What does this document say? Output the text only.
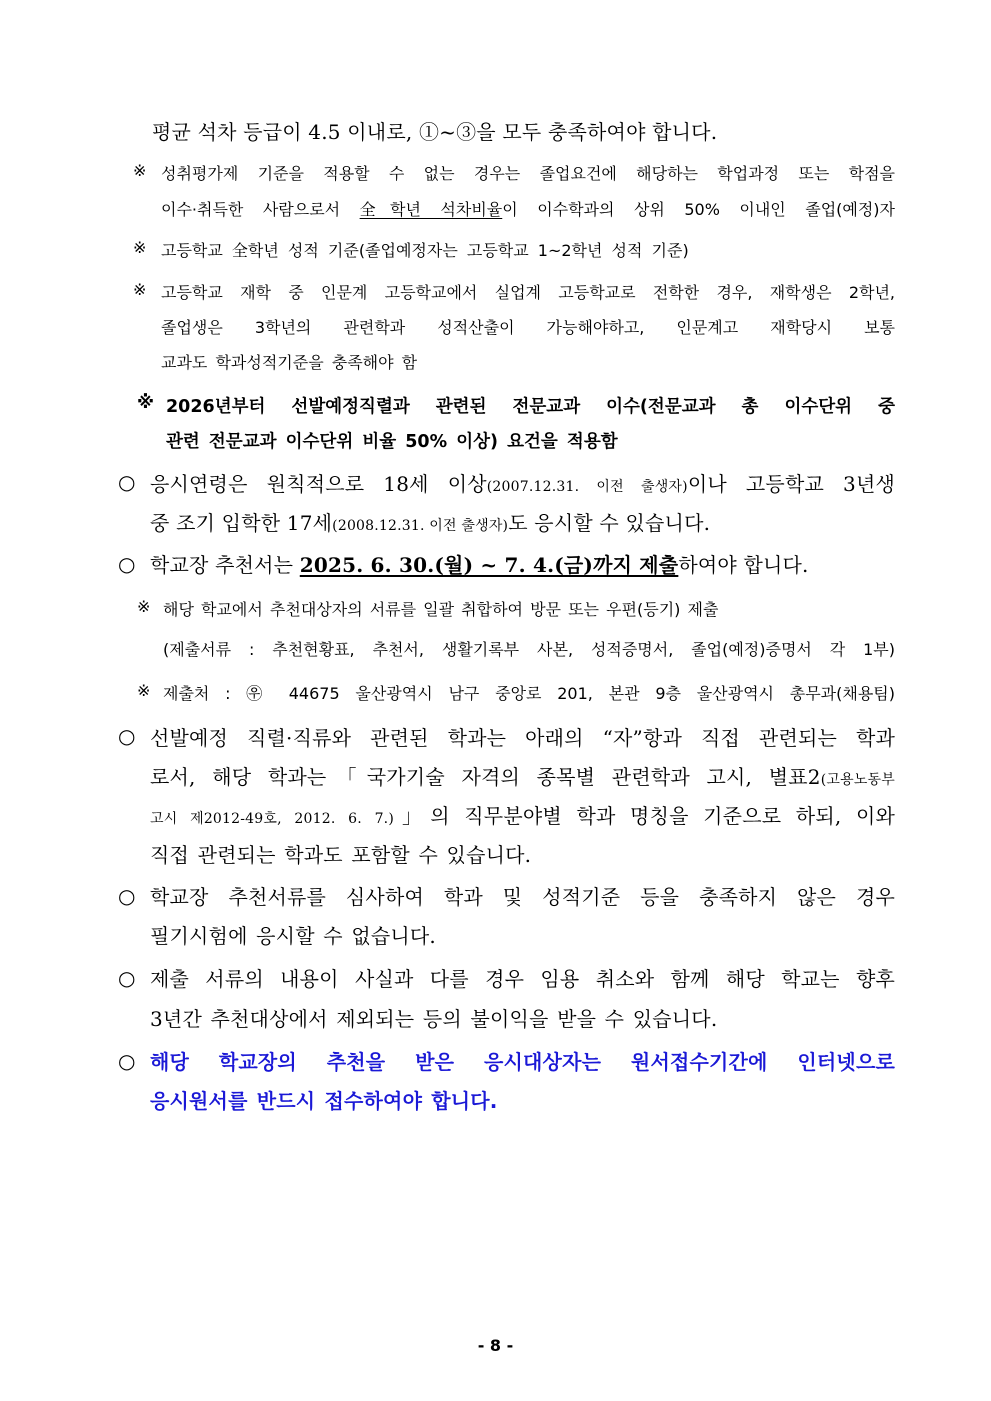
평균 석차 등급이 4.5 이내로, ①~③을 모두 충족하여야 합니다.
※ 성취평가제 기준을 적용할 수 없는 경우는 졸업요건에 해당하는 학업과정 또는 학점을
이수·취득한 사람으로서 全학년 석차비율이 이수학과의 상위 50% 이내인 졸업(예정)자
※ 고등학교 全학년 성적 기준(졸업예정자는 고등학교 1~2학년 성적 기준)
※ 고등학교 재학 중 인문계 고등학교에서 실업계 고등학교로 전학한 경우, 재학생은 2학년,
졸업생은 3학년의 관련학과 성적산출이 가능해야하고, 인문계고 재학당시 보통
교과도 학과성적기준을 충족해야 함
※ 2026년부터 선발예정직렬과 관련된 전문교과 이수(전문교과 총 이수단위 중
관련 전문교과 이수단위 비율 50% 이상) 요건을 적용함
○ 응시연령은 원칙적으로 18세 이상(2007.12.31. 이전 출생자)이나 고등학교 3년생
중 조기 입학한 17세(2008.12.31. 이전 출생자)도 응시할 수 있습니다.
○ 학교장 추천서는 2025. 6. 30.(월) ~ 7. 4.(금)까지 제출하여야 합니다.
※ 해당 학교에서 추천대상자의 서류를 일괄 취합하여 방문 또는 우편(등기) 제출
(제출서류 : 추천현황표, 추천서, 생활기록부 사본, 성적증명서, 졸업(예정)증명서 각 1부)
※ 제출처 : ㉾ 44675 울산광역시 남구 중앙로 201, 본관 9층 울산광역시 총무과(채용팀)
○ 선발예정 직렬·직류와 관련된 학과는 아래의 “자”항과 직접 관련되는 학과
로서, 해당 학과는「국가기술 자격의 종목별 관련학과 고시, 별표2(고용노동부
고시 제2012-49호, 2012. 6. 7.)」의 직무분야별 학과 명칭을 기준으로 하되, 이와
직접 관련되는 학과도 포함할 수 있습니다.
○ 학교장 추천서류를 심사하여 학과 및 성적기준 등을 충족하지 않은 경우
필기시험에 응시할 수 없습니다.
○ 제출 서류의 내용이 사실과 다를 경우 임용 취소와 함께 해당 학교는 향후
3년간 추천대상에서 제외되는 등의 불이익을 받을 수 있습니다.
○ 해당 학교장의 추천을 받은 응시대상자는 원서접수기간에 인터넷으로
응시원서를 반드시 접수하여야 합니다.
- 8 -
